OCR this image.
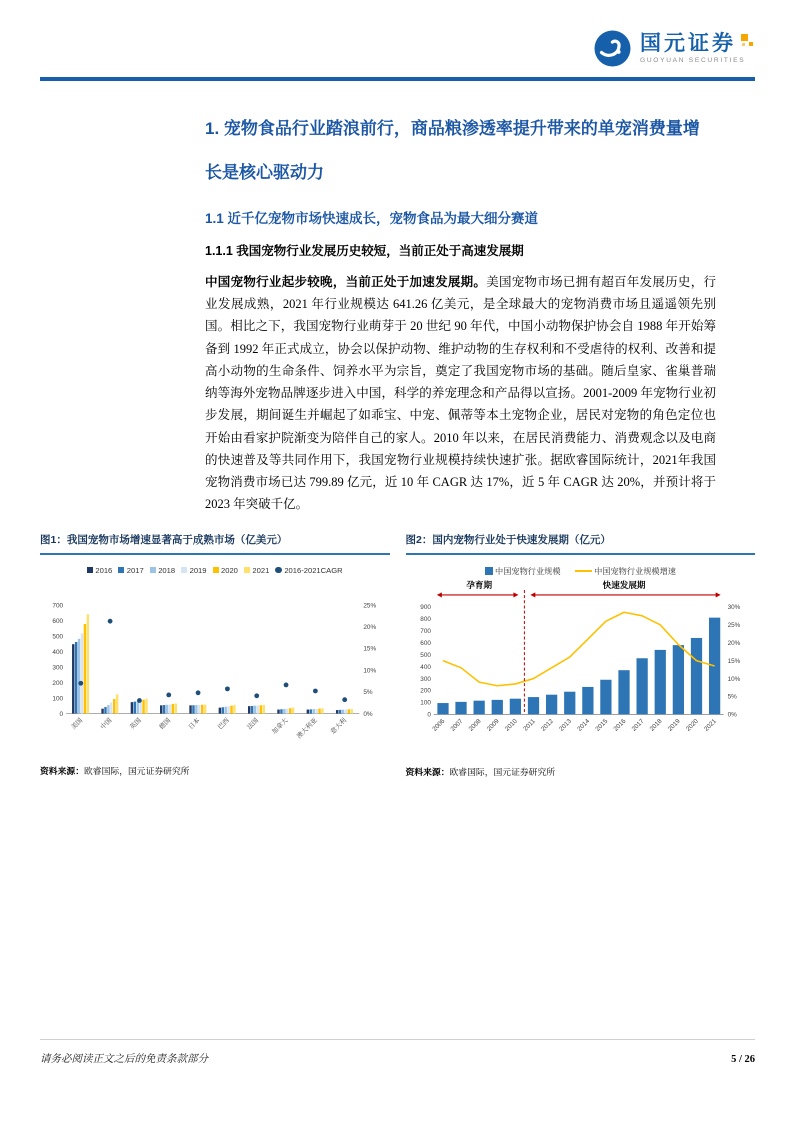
国元证券
GUOYUAN SECURITIES
1. 宠物食品行业踏浪前行，商品粮渗透率提升带来的单宠消费量增长是核心驱动力
1.1 近千亿宠物市场快速成长，宠物食品为最大细分赛道
1.1.1 我国宠物行业发展历史较短，当前正处于高速发展期

中国宠物行业起步较晚，当前正处于加速发展期。美国宠物市场已拥有超百年发展历史，行业发展成熟，2021 年行业规模达 641.26 亿美元，是全球最大的宠物消费市场且遥遥领先别国。相比之下，我国宠物行业萌芽于 20 世纪 90 年代，中国小动物保护协会自 1988 年开始筹备到 1992 年正式成立，协会以保护动物、维护动物的生存权利和不受虐待的权利、改善和提高小动物的生命条件、饲养水平为宗旨，奠定了我国宠物市场的基础。随后皇家、雀巢普瑞纳等海外宠物品牌逐步进入中国，科学的养宠理念和产品得以宣扬。2001-2009 年宠物行业初步发展，期间诞生并崛起了如乖宝、中宠、佩蒂等本土宠物企业，居民对宠物的角色定位也开始由看家护院渐变为陪伴自己的家人。2010 年以来，在居民消费能力、消费观念以及电商的快速普及等共同作用下，我国宠物行业规模持续快速扩张。据欧睿国际统计，2021年我国宠物消费市场已达 799.89 亿元，近 10 年 CAGR 达 17%，近 5 年 CAGR 达 20%，并预计将于 2023 年突破千亿。

图1：我国宠物市场增速显著高于成熟市场（亿美元）
2016	2017	2018	2019	2020	2021	2016-2021CAGR
0
100
200
300
400
500
600
700
0%
5%
10%
15%
20%
25%
美国 中国 英国 德国 日本 巴西 法国 加拿大 澳大利亚 意大利
资料来源：欧睿国际，国元证券研究所
图2：国内宠物行业处于快速发展期（亿元）
中国宠物行业规模	中国宠物行业规模增速
0
100
200
300
400
500
600
700
800
900
0%
5%
10%
15%
20%
25%
30%
2006 2007 2008 2009 2010 2011 2012 2013 2014 2015 2016 2017 2018 2019 2020 2021
孕育期	快速发展期
资料来源：欧睿国际，国元证券研究所
请务必阅读正文之后的免责条款部分	5 / 26
